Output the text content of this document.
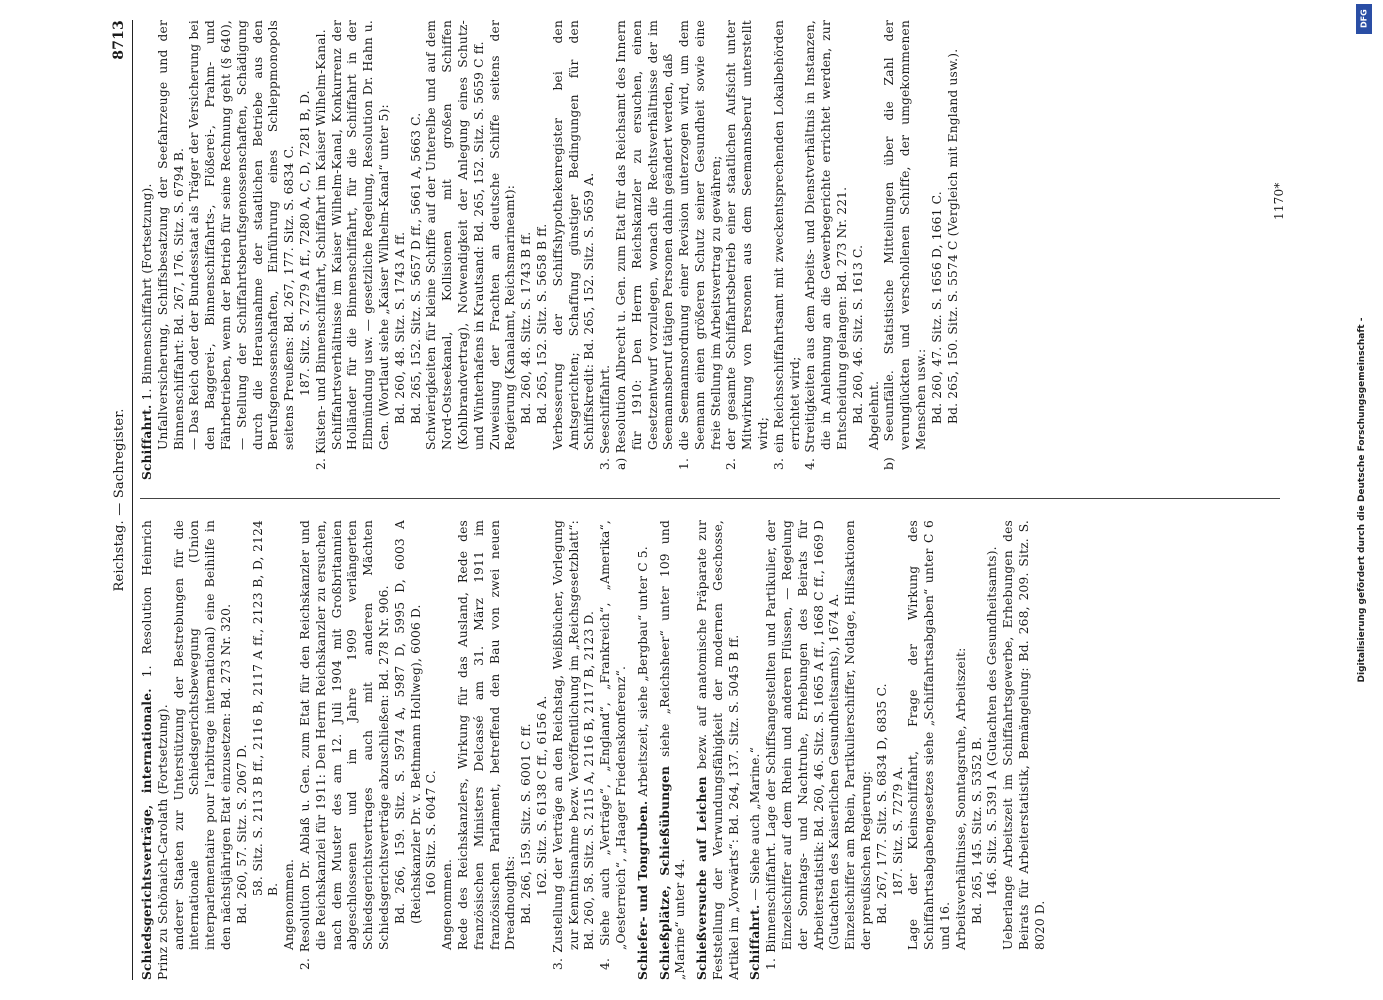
Reichstag. — Sachregister.
8713

Schiedsgerichtsverträge, internationale. 1. Resolution Heinrich Prinz zu Schönaich-Carolath (Fortsetzung). anderer Staaten zur Unterstützung der Bestrebungen für die internationale Schiedsgerichtsbewegung (Union interparlementaire pour l'arbitrage international) eine Beihilfe in den nächstjährigen Etat einzusetzen: Bd. 273 Nr. 320. Bd. 260, 57. Sitz. S. 2067 D. 58. Sitz. S. 2113 B ff., 2116 B, 2117 A ff., 2123 B, D, 2124 B. Angenommen. 2. Resolution Dr. Ablaß u. Gen. zum Etat für den Reichskanzler und die Reichskanzlei für 1911: Den Herrn Reichskanzler zu ersuchen, nach dem Muster des am 12. Juli 1904 mit Großbritannien abgeschlossenen und im Jahre 1909 verlängerten Schiedsgerichtsvertrages auch mit anderen Mächten Schiedsgerichtsverträge abzuschließen: Bd. 278 Nr. 906. Bd. 266, 159. Sitz. S. 5974 A, 5987 D, 5995 D, 6003 A (Reichskanzler Dr. v. Bethmann Hollweg), 6006 D. 160 Sitz. S. 6047 C.

Angenommen. Rede des Reichskanzlers, Wirkung für das Ausland, Rede des französischen Ministers Delcassé am 31. März 1911 im französischen Parlament, betreffend den Bau von zwei neuen Dreadnoughts: Bd. 266, 159. Sitz. S. 6001 C ff. 162. Sitz. S. 6138 C ff., 6156 A. 3. Zustellung der Verträge an den Reichstag, Weißbücher, Vorlegung zur Kenntnisnahme bezw. Veröffentlichung im „Reichsgesetzblatt“: Bd. 260, 58. Sitz. S. 2115 A, 2116 B, 2117 B, 2123 D. 4. Siehe auch „Verträge“, „England“, „Frankreich“, „Amerika“, „Oesterreich“, „Haager Friedenskonferenz“. Schiefer- und Tongruben. Arbeitszeit, siehe „Bergbau“ unter C 5.

Schießplätze, Schießübungen siehe „Reichsheer“ unter 109 und „Marine“ unter 44. Schießversuche auf Leichen bezw. auf anatomische Präparate zur Feststellung der Verwundungsfähigkeit der modernen Geschosse, Artikel im „Vorwärts“: Bd. 264, 137. Sitz. S. 5045 B ff. Schiffahrt. — Siehe auch „Marine.“ 1. Binnenschiffahrt. Lage der Schiffsangestellten und Partikulier, der Einzelschiffer auf dem Rhein und anderen Flüssen, — Regelung der Sonntags- und Nachtruhe, Erhebungen des Beirats für Arbeiterstatistik: Bd. 260, 46. Sitz. S. 1665 A ff., 1668 C ff., 1669 D (Gutachten des Kaiserlichen Gesundheitsamts), 1674 A. Einzelschiffer am Rhein, Partikulierschiffer, Notlage, Hilfsaktionen der preußischen Regierung: Bd. 267, 177. Sitz. S. 6834 D, 6835 C. 187. Sitz. S. 7279 A. Lage der Kleinschiffahrt, Frage der Wirkung des Schiffahrtsabgabengesetzes siehe „Schiffahrtsabgaben“ unter C 6 und 16. Arbeitsverhältnisse, Sonntagsruhe, Arbeitszeit: Bd. 265, 145. Sitz. S. 5352 B. 146. Sitz. S. 5391 A (Gutachten des Gesundheitsamts). Ueberlange Arbeitszeit im Schiffahrtsgewerbe, Erhebungen des Beirats für Arbeiterstatistik, Bemängelung: Bd. 268, 209. Sitz. S. 8020 D.

Schiffahrt. 1. Binnenschiffahrt (Fortsetzung). Unfallversicherung, Schiffsbesatzung der Seefahrzeuge und der Binnenschiffahrt: Bd. 267, 176. Sitz. S. 6794 B. — Das Reich oder der Bundesstaat als Träger der Versicherung bei den Baggerei-, Binnenschiffahrts-, Flößerei-, Prahm- und Fährbetrieben, wenn der Betrieb für seine Rechnung geht (§ 640), — Stellung der Schiffahrtsberufsgenossenschaften, Schädigung durch die Herausnahme der staatlichen Betriebe aus den Berufsgenossenschaften, Einführung eines Schleppmonopols seitens Preußens: Bd. 267, 177. Sitz. S. 6834 C. 187. Sitz. S. 7279 A ff., 7280 A, C, D, 7281 B, D. 2. Küsten- und Binnenschiffahrt, Schiffahrt im Kaiser Wilhelm-Kanal. Schiffahrtsverhältnisse im Kaiser Wilhelm-Kanal, Konkurrenz der Holländer für die Binnenschiffahrt, für die Schiffahrt in der Elbmündung usw. — gesetzliche Regelung, Resolution Dr. Hahn u. Gen. (Wortlaut siehe „Kaiser Wilhelm-Kanal“ unter 5): Bd. 260, 48. Sitz. S. 1743 A ff. Bd. 265, 152. Sitz. S. 5657 D ff., 5661 A, 5663 C. Schwierigkeiten für kleine Schiffe auf der Unterelbe und auf dem Nord-Ostseekanal, Kollisionen mit großen Schiffen (Kohlbrandvertrag), Notwendigkeit der Anlegung eines Schutz- und Winterhafens in Krautsand: Bd. 265, 152. Sitz. S. 5659 C ff. Zuweisung der Frachten an deutsche Schiffe seitens der Regierung (Kanalamt, Reichsmarineamt): Bd. 260, 48. Sitz. S. 1743 B ff. Bd. 265, 152. Sitz. S. 5658 B ff. Verbesserung der Schiffshypothekenregister bei den Amtsgerichten; Schaffung günstiger Bedingungen für den Schiffskredit: Bd. 265, 152. Sitz. S. 5659 A. 3. Seeschiffahrt. a) Resolution Albrecht u. Gen. zum Etat für das Reichsamt des Innern für 1910: Den Herrn Reichskanzler zu ersuchen, einen Gesetzentwurf vorzulegen, wonach die Rechtsverhältnisse der im Seemannsberuf tätigen Personen dahin geändert werden, daß 1. die Seemannsordnung einer Revision unterzogen wird, um dem Seemann einen größeren Schutz seiner Gesundheit sowie eine freie Stellung im Arbeitsvertrag zu gewähren; 2. der gesamte Schiffahrtsbetrieb einer staatlichen Aufsicht unter Mitwirkung von Personen aus dem Seemannsberuf unterstellt wird; 3. ein Reichsschiffahrtsamt mit zweckentsprechenden Lokalbehörden errichtet wird; 4. Streitigkeiten aus dem Arbeits- und Dienstverhältnis in Instanzen, die in Anlehnung an die Gewerbegerichte errichtet werden, zur Entscheidung gelangen: Bd. 273 Nr. 221. Bd. 260, 46. Sitz. S. 1613 C. Abgelehnt. b) Seeunfälle. Statistische Mitteilungen über die Zahl der verunglückten und verschollenen Schiffe, der umgekommenen Menschen usw.: Bd. 260, 47. Sitz. S. 1656 D, 1661 C. Bd. 265, 150. Sitz. S. 5574 C (Vergleich mit England usw.).	1170*
Digitalisierung gefördert durch die Deutsche Forschungsgemeinschaft -
DFG
